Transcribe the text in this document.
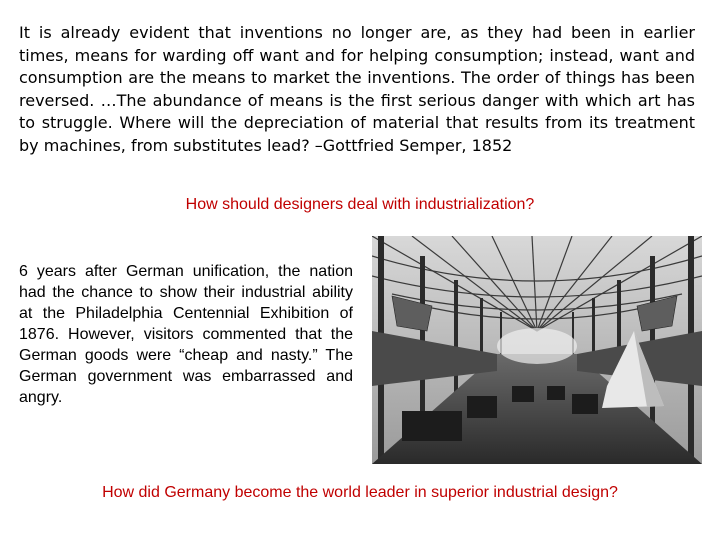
It is already evident that inventions no longer are, as they had been in earlier times, means for warding off want and for helping consumption; instead, want and consumption are the means to market the inventions. The order of things has been reversed. …The abundance of means is the first serious danger with which art has to struggle. Where will the depreciation of material that results from its treatment by machines, from substitutes lead? –Gottfried Semper, 1852

How should designers deal with industrialization?

6 years after German unification, the nation had the chance to show their industrial ability at the Philadelphia Centennial Exhibition of 1876. However, visitors commented that the German goods were “cheap and nasty.” The German government was embarrassed and angry.

How did Germany become the world leader in superior industrial design?
